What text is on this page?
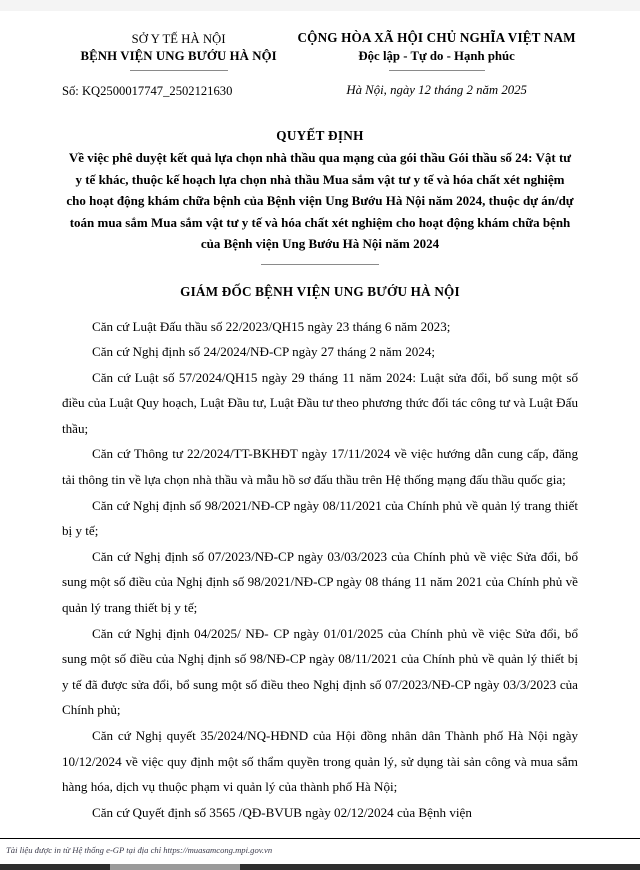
SỞ Y TẾ HÀ NỘI
BỆNH VIỆN UNG BƯỚU HÀ NỘI
Số: KQ2500017747_2502121630
CỘNG HÒA XÃ HỘI CHỦ NGHĨA VIỆT NAM
Độc lập - Tự do - Hạnh phúc
Hà Nội, ngày 12 tháng 2 năm 2025
QUYẾT ĐỊNH
Về việc phê duyệt kết quả lựa chọn nhà thầu qua mạng của gói thầu Gói thầu số 24: Vật tư y tế khác, thuộc kế hoạch lựa chọn nhà thầu Mua sắm vật tư y tế và hóa chất xét nghiệm cho hoạt động khám chữa bệnh của Bệnh viện Ung Bướu Hà Nội năm 2024, thuộc dự án/dự toán mua sắm Mua sắm vật tư y tế và hóa chất xét nghiệm cho hoạt động khám chữa bệnh của Bệnh viện Ung Bướu Hà Nội năm 2024
GIÁM ĐỐC BỆNH VIỆN UNG BƯỚU HÀ NỘI

Căn cứ Luật Đấu thầu số 22/2023/QH15 ngày 23 tháng 6 năm 2023;

Căn cứ Nghị định số 24/2024/NĐ-CP ngày 27 tháng 2 năm 2024;

Căn cứ Luật số 57/2024/QH15 ngày 29 tháng 11 năm 2024: Luật sửa đổi, bổ sung một số điều của Luật Quy hoạch, Luật Đầu tư, Luật Đầu tư theo phương thức đối tác công tư và Luật Đấu thầu;

Căn cứ Thông tư 22/2024/TT-BKHĐT ngày 17/11/2024 về việc hướng dẫn cung cấp, đăng tải thông tin về lựa chọn nhà thầu và mẫu hồ sơ đấu thầu trên Hệ thống mạng đấu thầu quốc gia;

Căn cứ Nghị định số 98/2021/NĐ-CP ngày 08/11/2021 của Chính phủ về quản lý trang thiết bị y tế;

Căn cứ Nghị định số 07/2023/NĐ-CP ngày 03/03/2023 của Chính phủ về việc Sửa đổi, bổ sung một số điều của Nghị định số 98/2021/NĐ-CP ngày 08 tháng 11 năm 2021 của Chính phủ về quản lý trang thiết bị y tế;

Căn cứ Nghị định 04/2025/ NĐ- CP ngày 01/01/2025 của Chính phủ về việc Sửa đổi, bổ sung một số điều của Nghị định số 98/NĐ-CP ngày 08/11/2021 của Chính phủ về quản lý thiết bị y tế đã được sửa đổi, bổ sung một số điều theo Nghị định số 07/2023/NĐ-CP ngày 03/3/2023 của Chính phủ;

Căn cứ Nghị quyết 35/2024/NQ-HĐND của Hội đồng nhân dân Thành phố Hà Nội ngày 10/12/2024 về việc quy định một số thẩm quyền trong quản lý, sử dụng tài sản công và mua sắm hàng hóa, dịch vụ thuộc phạm vi quản lý của thành phố Hà Nội;

Căn cứ Quyết định số 3565 /QĐ-BVUB ngày 02/12/2024 của Bệnh viện

Tài liệu được in từ Hệ thống e-GP tại địa chỉ https://muasamcong.mpi.gov.vn
